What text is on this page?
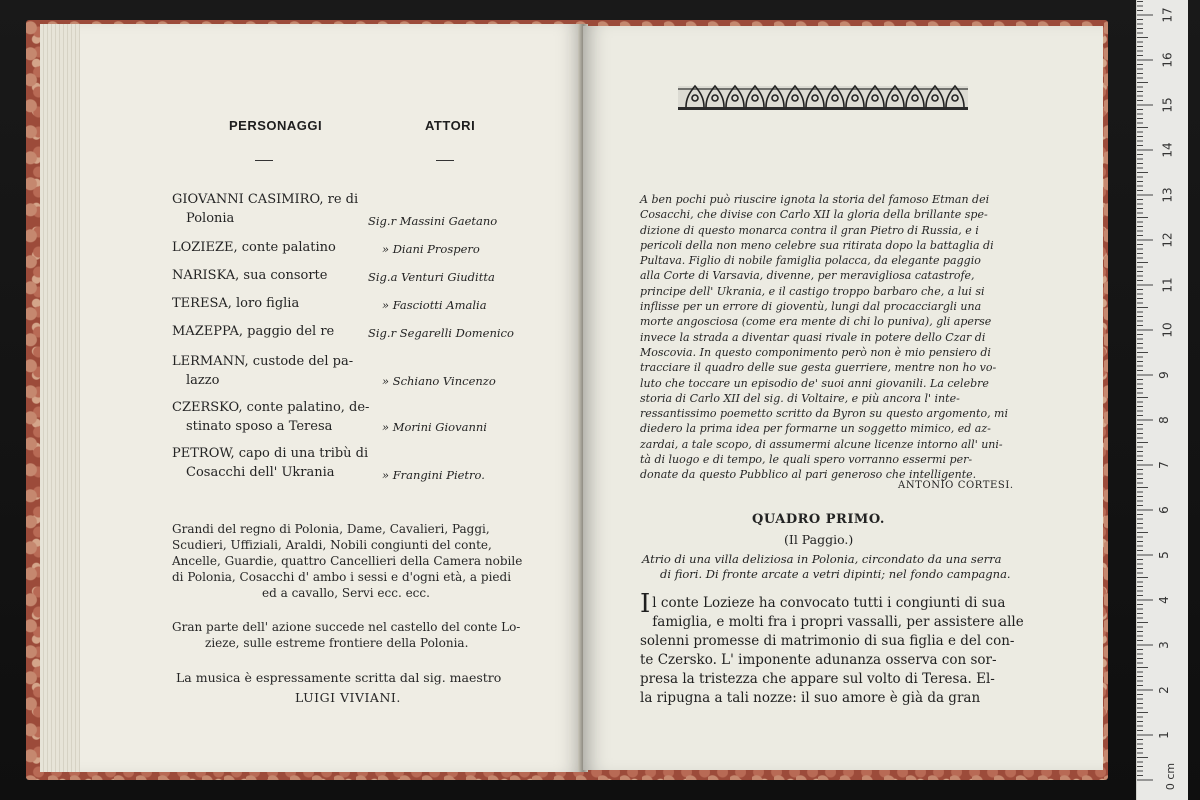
PERSONAGGI	ATTORI
GIOVANNI CASIMIRO, re di
Polonia	Sig.r Massini Gaetano
LOZIEZE, conte palatino	» Diani Prospero
NARISKA, sua consorte	Sig.a Venturi Giuditta
TERESA, loro figlia	» Fasciotti Amalia
MAZEPPA, paggio del re	Sig.r Segarelli Domenico
LERMANN, custode del pa-
lazzo	» Schiano Vincenzo
CZERSKO, conte palatino, de-
stinato sposo a Teresa	» Morini Giovanni
PETROW, capo di una tribù di
Cosacchi dell' Ukrania	» Frangini Pietro.
Grandi del regno di Polonia, Dame, Cavalieri, Paggi,
Scudieri, Uffiziali, Araldi, Nobili congiunti del conte,
Ancelle, Guardie, quattro Cancellieri della Camera nobile
di Polonia, Cosacchi d' ambo i sessi e d'ogni età, a piedi
ed a cavallo, Servi ecc. ecc.
Gran parte dell' azione succede nel castello del conte Lo-
zieze, sulle estreme frontiere della Polonia.
La musica è espressamente scritta dal sig. maestro
LUIGI VIVIANI.
A ben pochi può riuscire ignota la storia del famoso Etman dei
Cosacchi, che divise con Carlo XII la gloria della brillante spe-
dizione di questo monarca contra il gran Pietro di Russia, e i
pericoli della non meno celebre sua ritirata dopo la battaglia di
Pultava. Figlio di nobile famiglia polacca, da elegante paggio
alla Corte di Varsavia, divenne, per meravigliosa catastrofe,
principe dell' Ukrania, e il castigo troppo barbaro che, a lui si
inflisse per un errore di gioventù, lungi dal procacciargli una
morte angosciosa (come era mente di chi lo puniva), gli aperse
invece la strada a diventar quasi rivale in potere dello Czar di
Moscovia. In questo componimento però non è mio pensiero di
tracciare il quadro delle sue gesta guerriere, mentre non ho vo-
luto che toccare un episodio de' suoi anni giovanili. La celebre
storia di Carlo XII del sig. di Voltaire, e più ancora l' inte-
ressantissimo poemetto scritto da Byron su questo argomento, mi
diedero la prima idea per formarne un soggetto mimico, ed az-
zardai, a tale scopo, di assumermi alcune licenze intorno all' uni-
tà di luogo e di tempo, le quali spero vorranno essermi per-
donate da questo Pubblico al pari generoso che intelligente.
ANTONIO CORTESI.
QUADRO PRIMO.
(Il Paggio.)
Atrio di una villa deliziosa in Polonia, circondato da una serra
di fiori. Di fronte arcate a vetri dipinti; nel fondo campagna.
Il conte Lozieze ha convocato tutti i congiunti di sua
famiglia, e molti fra i propri vassalli, per assistere alle
solenni promesse di matrimonio di sua figlia e del con-
te Czersko. L' imponente adunanza osserva con sor-
presa la tristezza che appare sul volto di Teresa. El-
la ripugna a tali nozze: il suo amore è già da gran
17
16
15
14
13
12
11
10
9
8
7
6
5
4
3
2
1
0 cm
